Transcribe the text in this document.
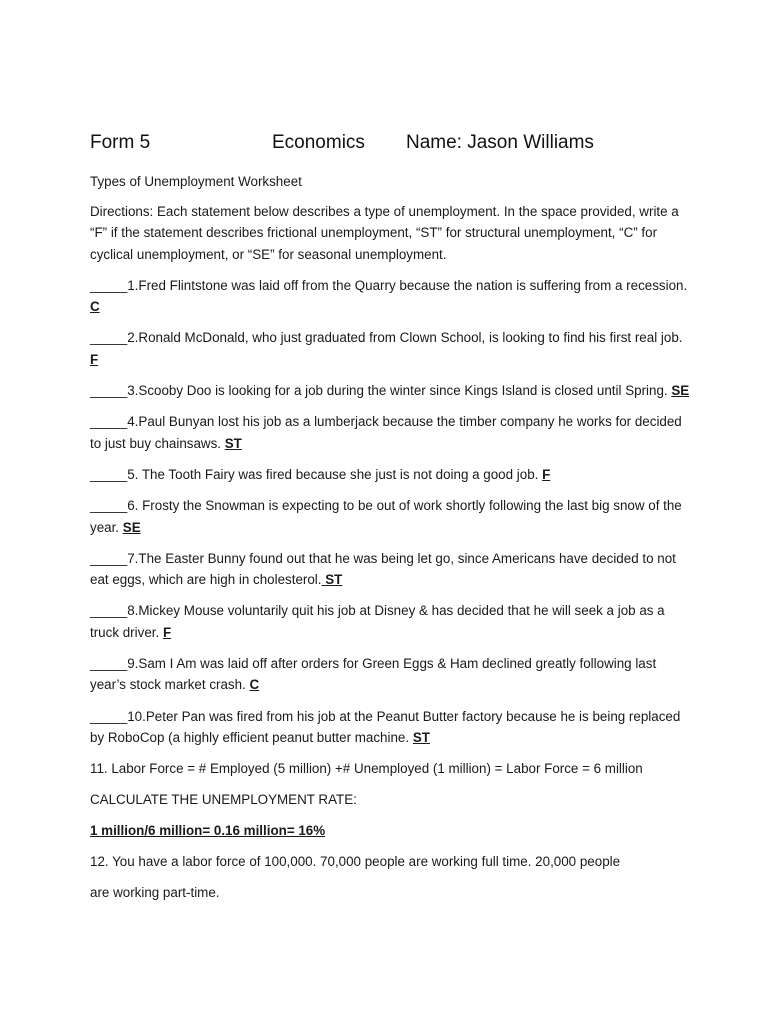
Form 5	Economics Name: Jason Williams
Types of Unemployment Worksheet
Directions: Each statement below describes a type of unemployment. In the space provided, write a “F” if the statement describes frictional unemployment, “ST” for structural unemployment, “C” for cyclical unemployment, or “SE” for seasonal unemployment.
_____1.Fred Flintstone was laid off from the Quarry because the nation is suffering from a recession. C
_____2.Ronald McDonald, who just graduated from Clown School, is looking to find his first real job. F
_____3.Scooby Doo is looking for a job during the winter since Kings Island is closed until Spring. SE
_____4.Paul Bunyan lost his job as a lumberjack because the timber company he works for decided to just buy chainsaws. ST
_____5. The Tooth Fairy was fired because she just is not doing a good job. F
_____6. Frosty the Snowman is expecting to be out of work shortly following the last big snow of the year. SE
_____7.The Easter Bunny found out that he was being let go, since Americans have decided to not eat eggs, which are high in cholesterol. ST
_____8.Mickey Mouse voluntarily quit his job at Disney & has decided that he will seek a job as a truck driver. F
_____9.Sam I Am was laid off after orders for Green Eggs & Ham declined greatly following last year’s stock market crash. C
_____10.Peter Pan was fired from his job at the Peanut Butter factory because he is being replaced by RoboCop (a highly efficient peanut butter machine. ST
11. Labor Force = # Employed (5 million) +# Unemployed (1 million) = Labor Force = 6 million
CALCULATE THE UNEMPLOYMENT RATE:
1 million/6 million= 0.16 million= 16%
12. You have a labor force of 100,000. 70,000 people are working full time. 20,000 people
are working part-time.
